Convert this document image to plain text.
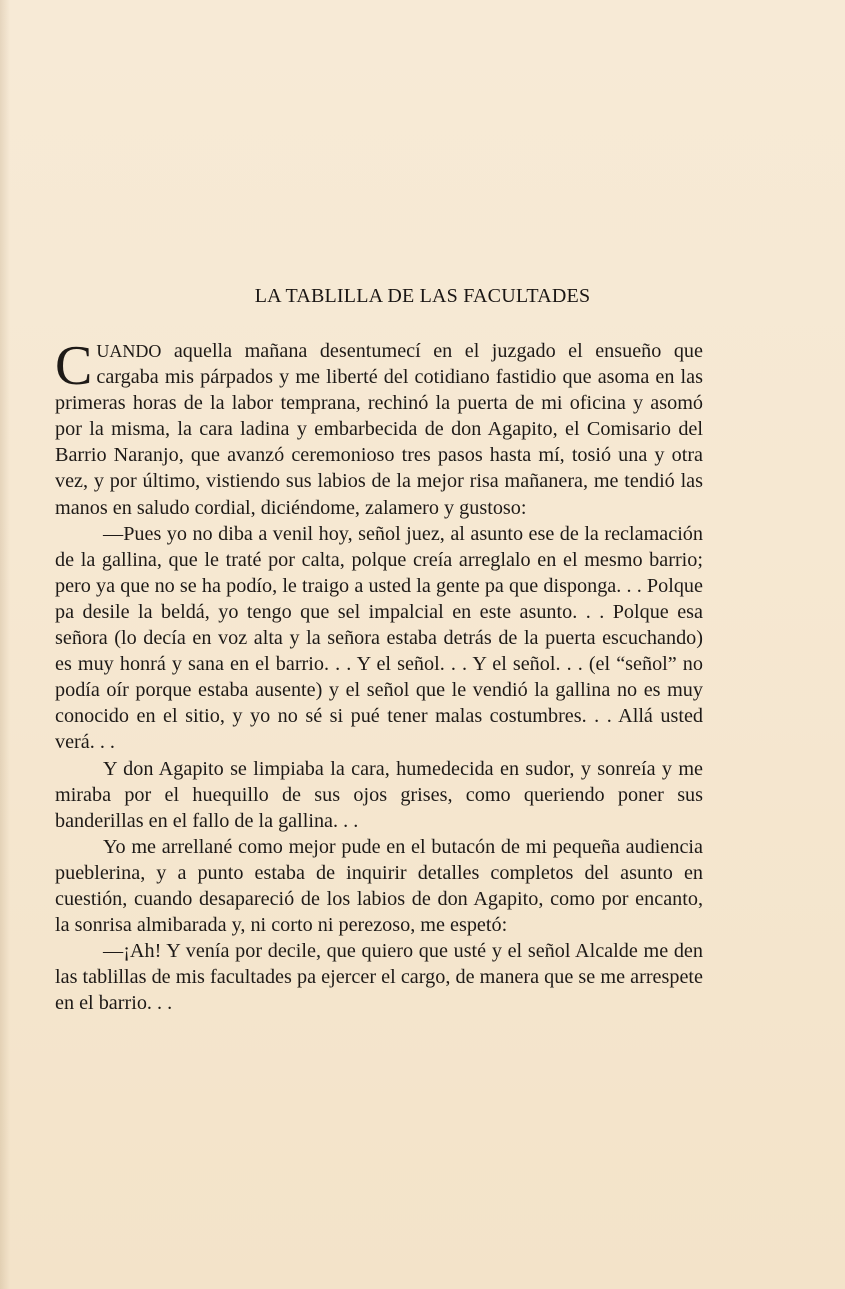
LA TABLILLA DE LAS FACULTADES

CUANDO aquella mañana desentumecí en el juzgado el ensueño que cargaba mis párpados y me liberté del cotidiano fastidio que asoma en las primeras horas de la labor temprana, rechinó la puerta de mi oficina y asomó por la misma, la cara ladina y embarbecida de don Agapito, el Comisario del Barrio Naranjo, que avanzó ceremonioso tres pasos hasta mí, tosió una y otra vez, y por último, vistiendo sus labios de la mejor risa mañanera, me tendió las manos en saludo cordial, diciéndome, zalamero y gustoso:

—Pues yo no diba a venil hoy, señol juez, al asunto ese de la reclamación de la gallina, que le traté por calta, polque creía arreglalo en el mesmo barrio; pero ya que no se ha podío, le traigo a usted la gente pa que disponga. . . Polque pa desile la beldá, yo tengo que sel impalcial en este asunto. . . Polque esa señora (lo decía en voz alta y la señora estaba detrás de la puerta escuchando) es muy honrá y sana en el barrio. . . Y el señol. . . Y el señol. . . (el “señol” no podía oír porque estaba ausente) y el señol que le vendió la gallina no es muy conocido en el sitio, y yo no sé si pué tener malas costumbres. . . Allá usted verá. . .

Y don Agapito se limpiaba la cara, humedecida en sudor, y sonreía y me miraba por el huequillo de sus ojos grises, como queriendo poner sus banderillas en el fallo de la gallina. . .

Yo me arrellané como mejor pude en el butacón de mi pequeña audiencia pueblerina, y a punto estaba de inquirir detalles completos del asunto en cuestión, cuando desapareció de los labios de don Agapito, como por encanto, la sonrisa almibarada y, ni corto ni perezoso, me espetó:

—¡Ah! Y venía por decile, que quiero que usté y el señol Alcalde me den las tablillas de mis facultades pa ejercer el cargo, de manera que se me arrespete en el barrio. . .
